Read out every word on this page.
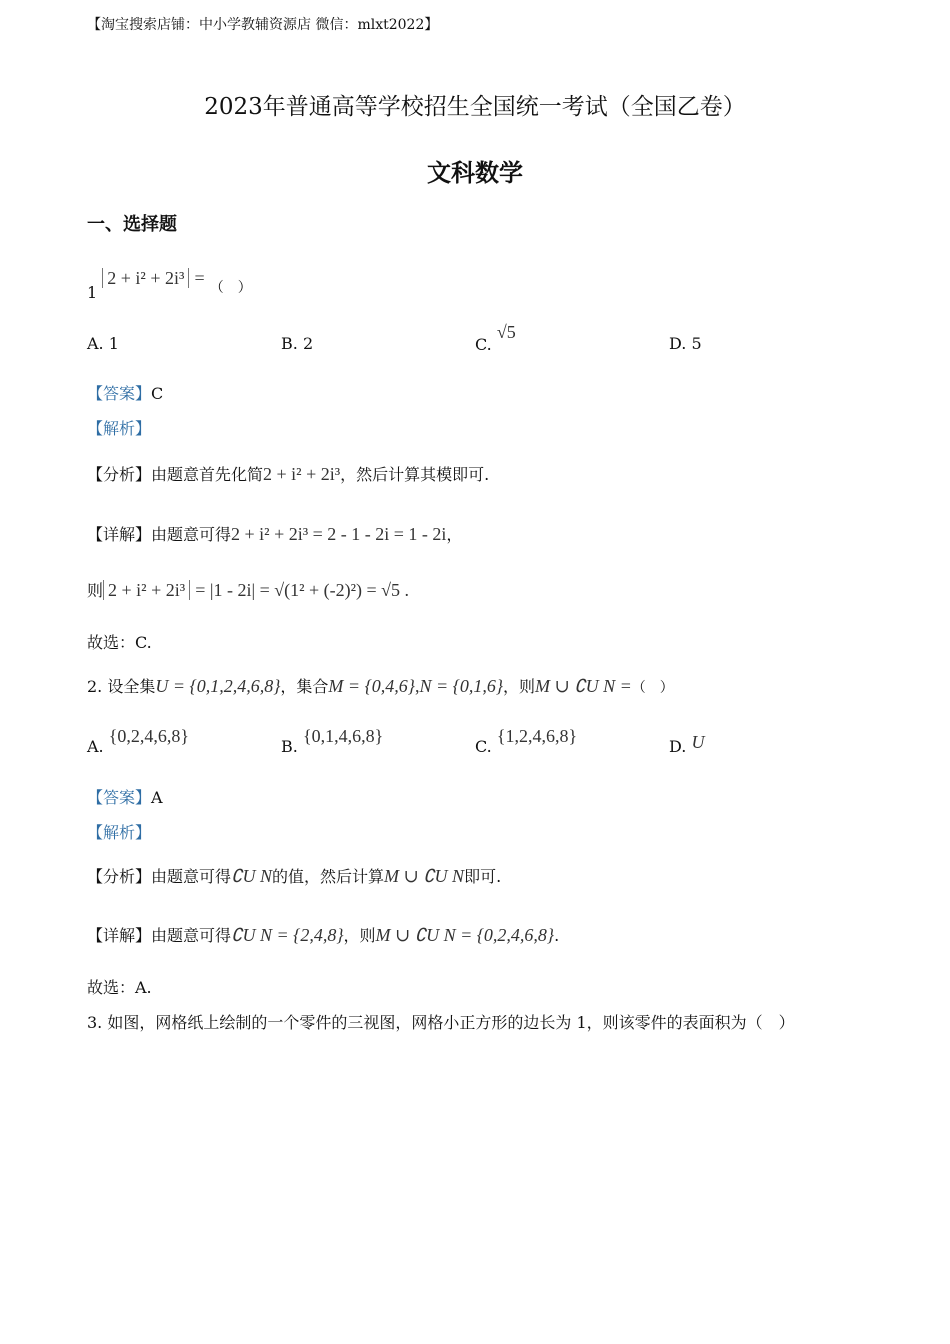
【淘宝搜索店铺：中小学教辅资源店 微信：mlxt2022】
2023年普通高等学校招生全国统一考试（全国乙卷）
文科数学
一、选择题
1 2 + i² + 2i³ = （　）
A. 1	B. 2	C. √5
D. 5
【答案】C
【解析】
【分析】由题意首先化简2 + i² + 2i³，然后计算其模即可.
【详解】由题意可得2 + i² + 2i³ = 2 - 1 - 2i = 1 - 2i，
则 2 + i² + 2i³ = |1 - 2i| = √(1² + (-2)²) = √5 .
故选：C.
2. 设全集U = {0,1,2,4,6,8}，集合M = {0,4,6},N = {0,1,6}，则M ∪ ∁U N =（　）
A. {0,2,4,6,8}
B. {0,1,4,6,8}
C. {1,2,4,6,8}
D. U
【答案】A
【解析】
【分析】由题意可得∁U N的值，然后计算M ∪ ∁U N即可.
【详解】由题意可得∁U N = {2,4,8}，则M ∪ ∁U N = {0,2,4,6,8}.
故选：A.
3. 如图，网格纸上绘制的一个零件的三视图，网格小正方形的边长为 1，则该零件的表面积为（　）
